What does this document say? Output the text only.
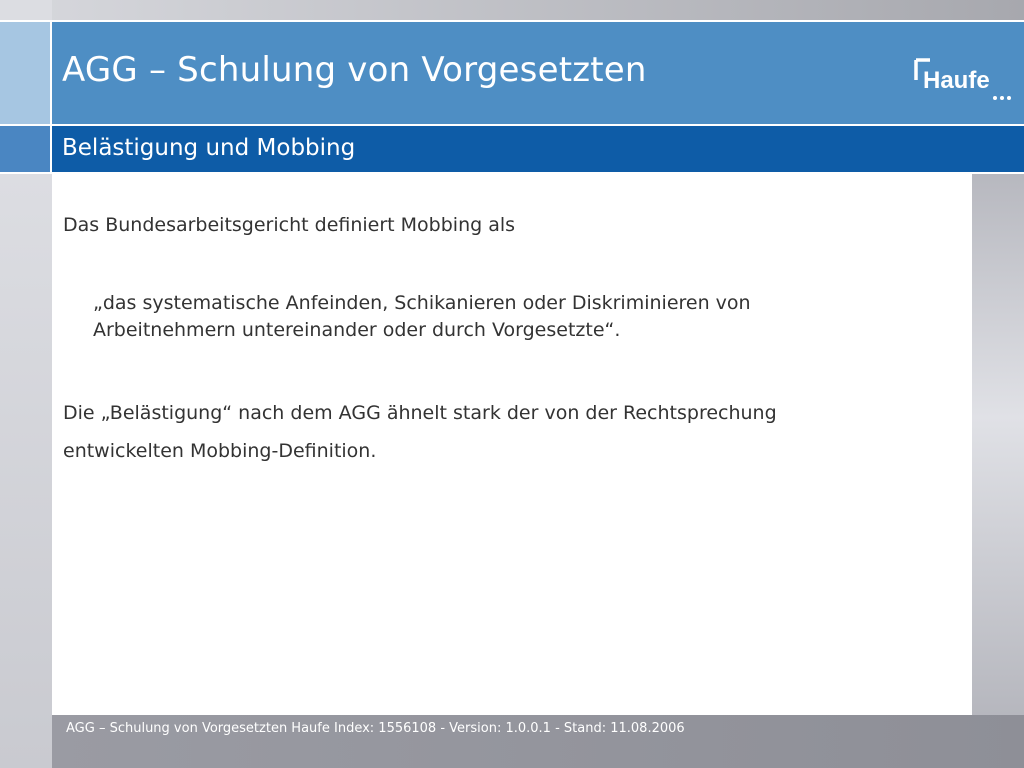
AGG – Schulung von Vorgesetzten	Haufe
Belästigung und Mobbing
Das Bundesarbeitsgericht definiert Mobbing als
„das systematische Anfeinden, Schikanieren oder Diskriminieren von
Arbeitnehmern untereinander oder durch Vorgesetzte“.
Die „Belästigung“ nach dem AGG ähnelt stark der von der Rechtsprechung
entwickelten Mobbing-Definition.
AGG – Schulung von Vorgesetzten Haufe Index: 1556108 - Version: 1.0.0.1 - Stand: 11.08.2006
